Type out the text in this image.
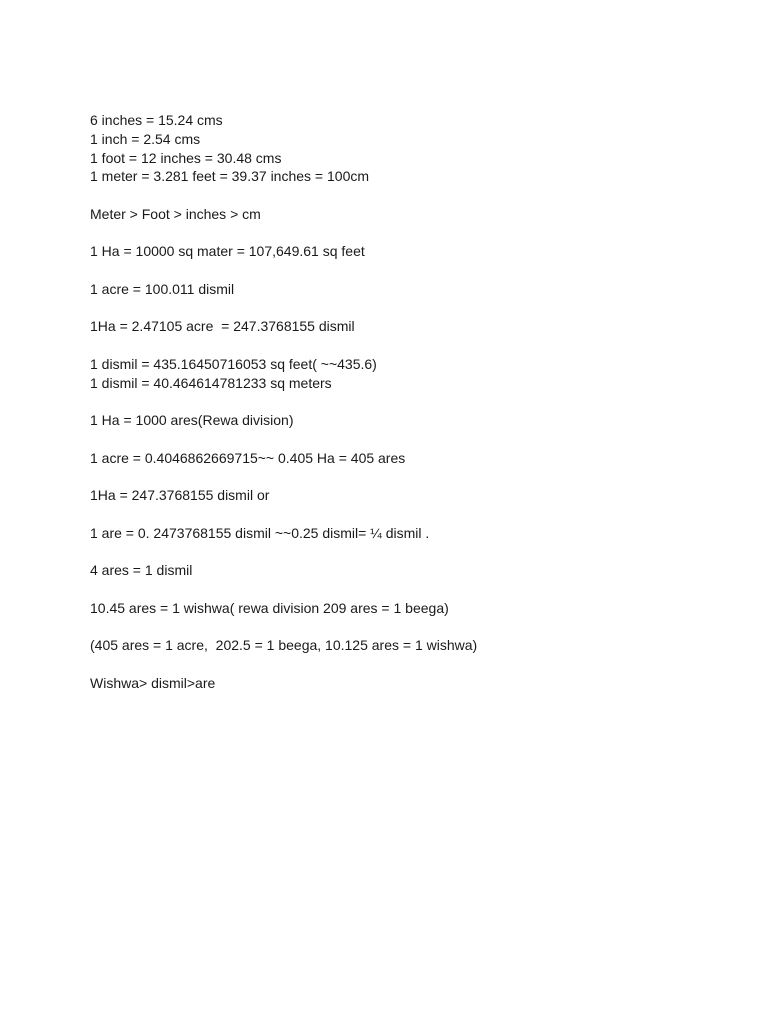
6 inches = 15.24 cms
1 inch = 2.54 cms
1 foot = 12 inches = 30.48 cms
1 meter = 3.281 feet = 39.37 inches = 100cm

Meter > Foot > inches > cm

1 Ha = 10000 sq mater = 107,649.61 sq feet

1 acre = 100.011 dismil

1Ha = 2.47105 acre  = 247.3768155 dismil

1 dismil = 435.16450716053 sq feet( ~~435.6)
1 dismil = 40.464614781233 sq meters

1 Ha = 1000 ares(Rewa division)

1 acre = 0.4046862669715~~ 0.405 Ha = 405 ares

1Ha = 247.3768155 dismil or

1 are = 0. 2473768155 dismil ~~0.25 dismil= ¼ dismil .

4 ares = 1 dismil

10.45 ares = 1 wishwa( rewa division 209 ares = 1 beega)

(405 ares = 1 acre,  202.5 = 1 beega, 10.125 ares = 1 wishwa)

Wishwa> dismil>are
